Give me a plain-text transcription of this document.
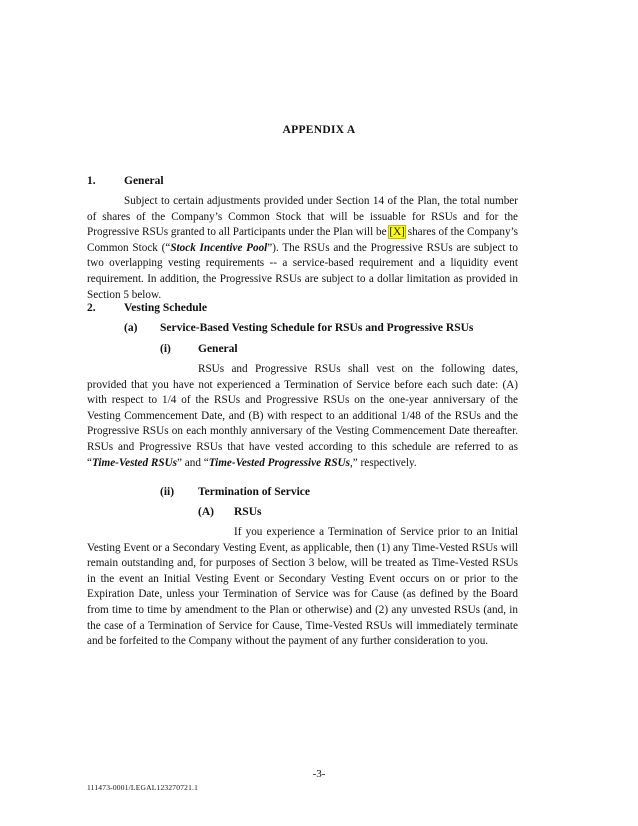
APPENDIX A
1. General
Subject to certain adjustments provided under Section 14 of the Plan, the total number of shares of the Company’s Common Stock that will be issuable for RSUs and for the Progressive RSUs granted to all Participants under the Plan will be [X] shares of the Company’s Common Stock (“Stock Incentive Pool”). The RSUs and the Progressive RSUs are subject to two overlapping vesting requirements -- a service-based requirement and a liquidity event requirement. In addition, the Progressive RSUs are subject to a dollar limitation as provided in Section 5 below.
2. Vesting Schedule
(a) Service-Based Vesting Schedule for RSUs and Progressive RSUs
(i) General
RSUs and Progressive RSUs shall vest on the following dates, provided that you have not experienced a Termination of Service before each such date: (A) with respect to 1/4 of the RSUs and Progressive RSUs on the one-year anniversary of the Vesting Commencement Date, and (B) with respect to an additional 1/48 of the RSUs and the Progressive RSUs on each monthly anniversary of the Vesting Commencement Date thereafter. RSUs and Progressive RSUs that have vested according to this schedule are referred to as “Time-Vested RSUs” and “Time-Vested Progressive RSUs,” respectively.
(ii) Termination of Service
(A) RSUs
If you experience a Termination of Service prior to an Initial Vesting Event or a Secondary Vesting Event, as applicable, then (1) any Time-Vested RSUs will remain outstanding and, for purposes of Section 3 below, will be treated as Time-Vested RSUs in the event an Initial Vesting Event or Secondary Vesting Event occurs on or prior to the Expiration Date, unless your Termination of Service was for Cause (as defined by the Board from time to time by amendment to the Plan or otherwise) and (2) any unvested RSUs (and, in the case of a Termination of Service for Cause, Time-Vested RSUs will immediately terminate and be forfeited to the Company without the payment of any further consideration to you.
-3-
111473-0001/LEGAL123270721.1
